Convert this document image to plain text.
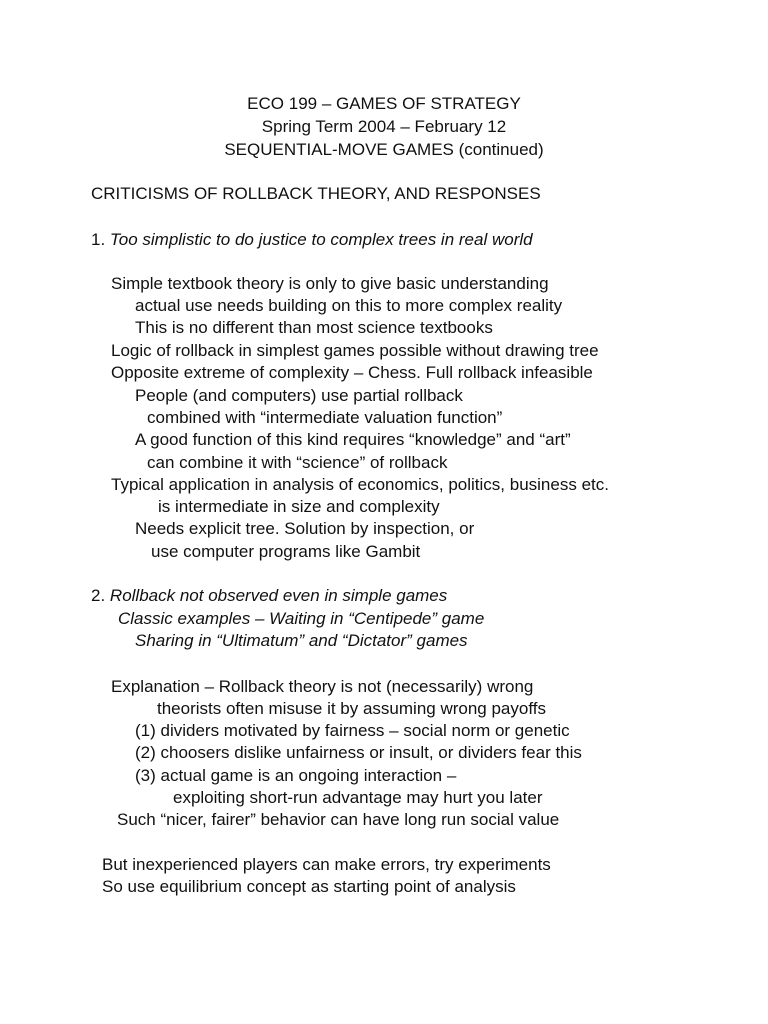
ECO 199 – GAMES OF STRATEGY
Spring Term 2004 – February 12
SEQUENTIAL-MOVE GAMES (continued)
CRITICISMS OF ROLLBACK THEORY, AND RESPONSES
1. Too simplistic to do justice to complex trees in real world
Simple textbook theory is only to give basic understanding
actual use needs building on this to more complex reality
This is no different than most science textbooks
Logic of rollback in simplest games possible without drawing tree
Opposite extreme of complexity – Chess. Full rollback infeasible
People (and computers) use partial rollback
combined with “intermediate valuation function”
A good function of this kind requires “knowledge” and “art”
can combine it with “science” of rollback
Typical application in analysis of economics, politics, business etc.
is intermediate in size and complexity
Needs explicit tree. Solution by inspection, or
use computer programs like Gambit
2. Rollback not observed even in simple games
Classic examples – Waiting in “Centipede” game
Sharing in “Ultimatum” and “Dictator” games
Explanation – Rollback theory is not (necessarily) wrong
theorists often misuse it by assuming wrong payoffs
(1) dividers motivated by fairness – social norm or genetic
(2) choosers dislike unfairness or insult, or dividers fear this
(3) actual game is an ongoing interaction –
exploiting short-run advantage may hurt you later
Such “nicer, fairer” behavior can have long run social value
But inexperienced players can make errors, try experiments
So use equilibrium concept as starting point of analysis
